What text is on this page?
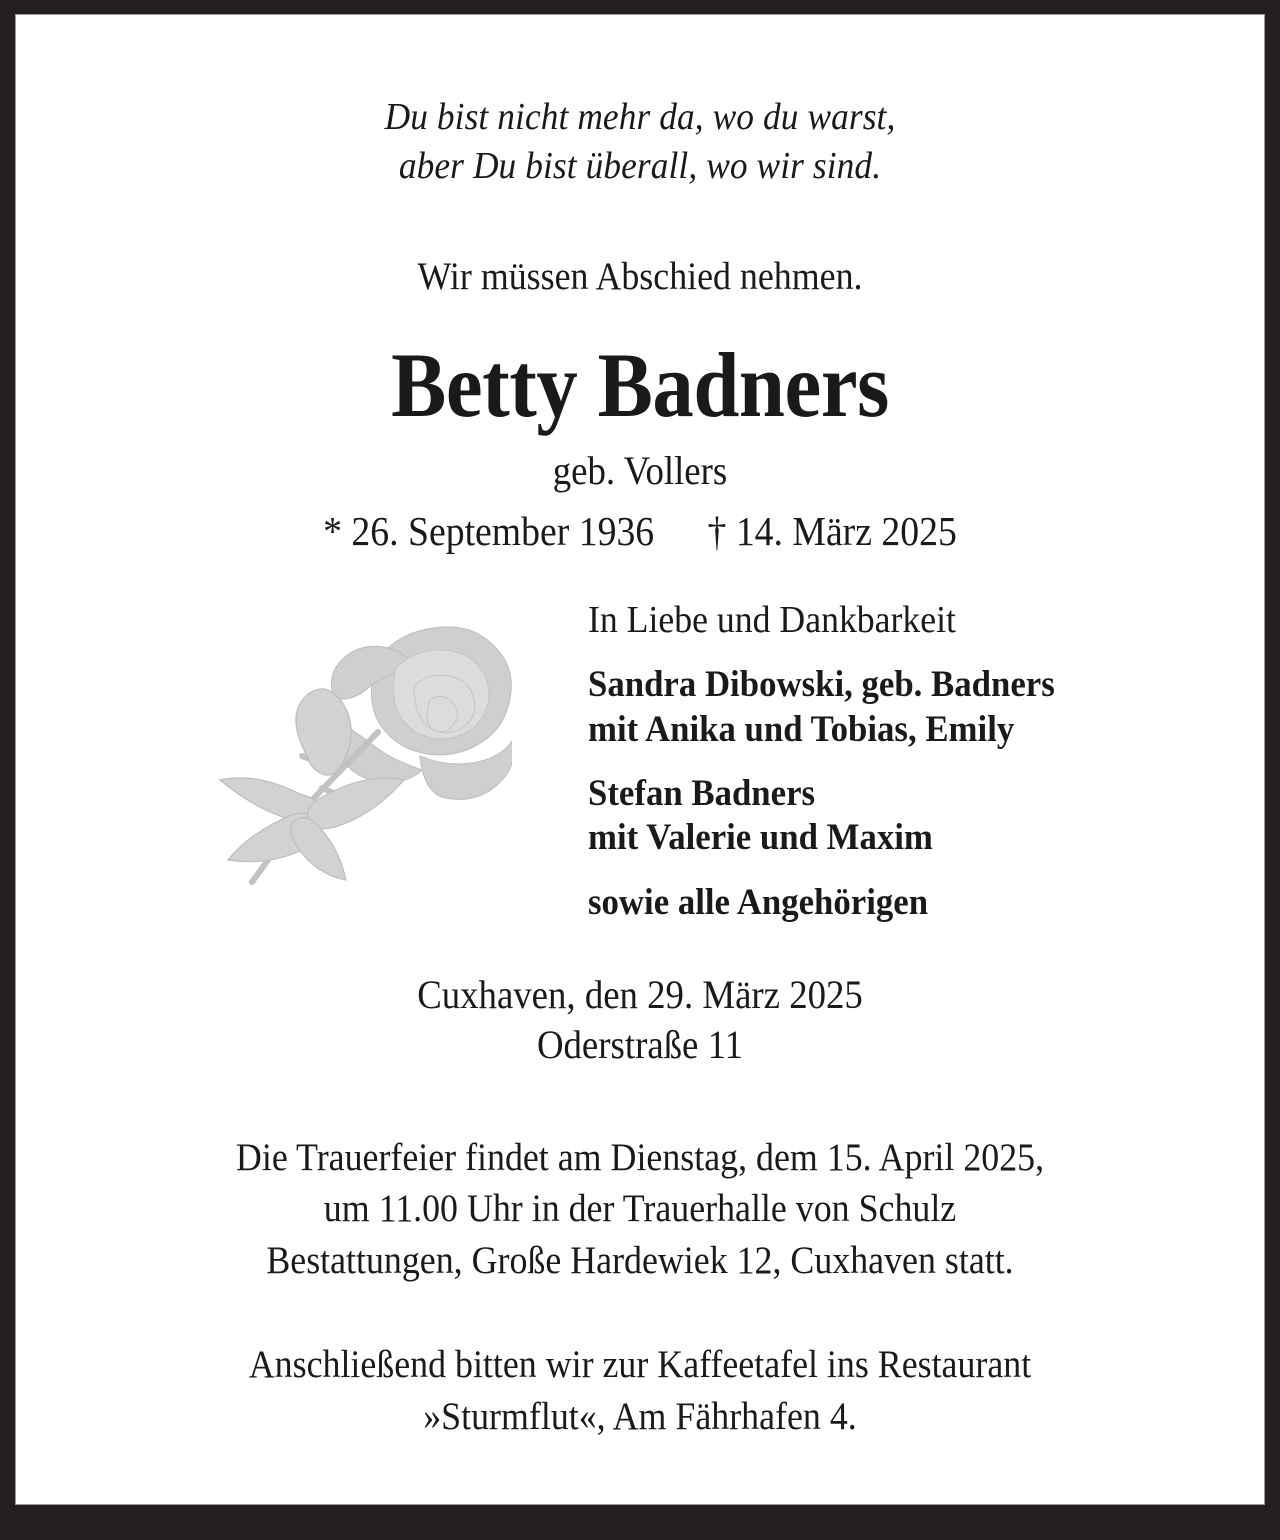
Du bist nicht mehr da, wo du warst,
aber Du bist überall, wo wir sind.
Wir müssen Abschied nehmen.
Betty Badners
geb. Vollers
* 26. September 1936 † 14. März 2025
In Liebe und Dankbarkeit
Sandra Dibowski, geb. Badners
mit Anika und Tobias, Emily
Stefan Badners
mit Valerie und Maxim
sowie alle Angehörigen
Cuxhaven, den 29. März 2025
Oderstraße 11
Die Trauerfeier findet am Dienstag, dem 15. April 2025,
um 11.00 Uhr in der Trauerhalle von Schulz
Bestattungen, Große Hardewiek 12, Cuxhaven statt.
Anschließend bitten wir zur Kaffeetafel ins Restaurant
»Sturmflut«, Am Fährhafen 4.
